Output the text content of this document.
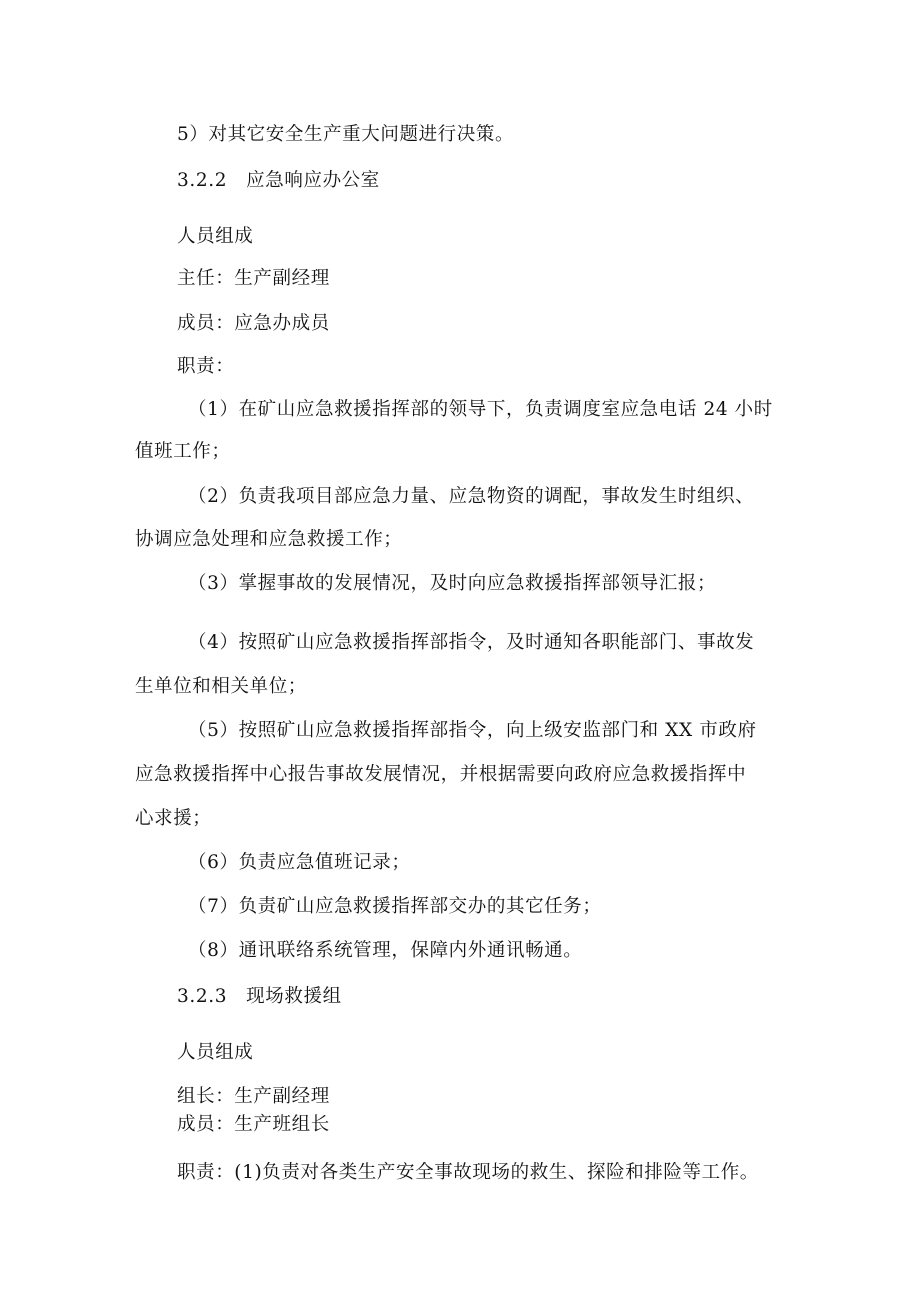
5）对其它安全生产重大问题进行决策。
3.2.2　应急响应办公室
人员组成
主任：生产副经理
成员：应急办成员
职责：
（1）在矿山应急救援指挥部的领导下，负责调度室应急电话 24 小时
值班工作；
（2）负责我项目部应急力量、应急物资的调配，事故发生时组织、
协调应急处理和应急救援工作；
（3）掌握事故的发展情况，及时向应急救援指挥部领导汇报；
（4）按照矿山应急救援指挥部指令，及时通知各职能部门、事故发
生单位和相关单位；
（5）按照矿山应急救援指挥部指令，向上级安监部门和 XX 市政府
应急救援指挥中心报告事故发展情况，并根据需要向政府应急救援指挥中
心求援；
（6）负责应急值班记录；
（7）负责矿山应急救援指挥部交办的其它任务；
（8）通讯联络系统管理，保障内外通讯畅通。
3.2.3　现场救援组
人员组成
组长：生产副经理
成员：生产班组长
职责：(1)负责对各类生产安全事故现场的救生、探险和排险等工作。
